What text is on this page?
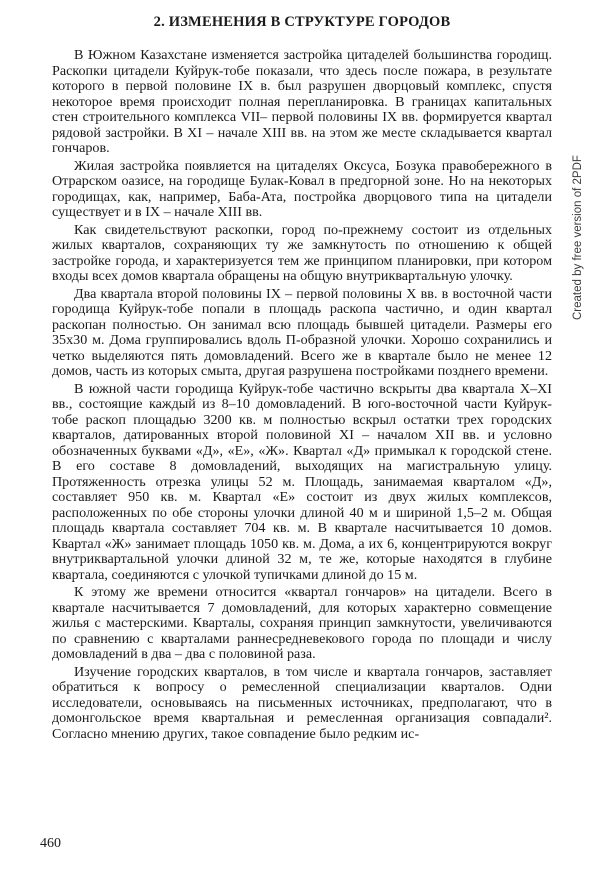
2. ИЗМЕНЕНИЯ В СТРУКТУРЕ ГОРОДОВ

В Южном Казахстане изменяется застройка цитаделей большинства городищ. Раскопки цитадели Куйрук-тобе показали, что здесь после пожара, в результате которого в первой половине IX в. был разрушен дворцовый комплекс, спустя некоторое время происходит полная перепланировка. В границах капитальных стен строительного комплекса VII– первой половины IX вв. формируется квартал рядовой застройки. В XI – начале XIII вв. на этом же месте складывается квартал гончаров.

Жилая застройка появляется на цитаделях Оксуса, Бозука правобережного в Отрарском оазисе, на городище Булак-Ковал в предгорной зоне. Но на некоторых городищах, как, например, Баба-Ата, постройка дворцового типа на цитадели существует и в IX – начале XIII вв.

Как свидетельствуют раскопки, город по-прежнему состоит из отдельных жилых кварталов, сохраняющих ту же замкнутость по отношению к общей застройке города, и характеризуется тем же принципом планировки, при котором входы всех домов квартала обращены на общую внутриквартальную улочку.

Два квартала второй половины IX – первой половины X вв. в восточной части городища Куйрук-тобе попали в площадь раскопа частично, и один квартал раскопан полностью. Он занимал всю площадь бывшей цитадели. Размеры его 35х30 м. Дома группировались вдоль П-образной улочки. Хорошо сохранились и четко выделяются пять домовладений. Всего же в квартале было не менее 12 домов, часть из которых смыта, другая разрушена постройками позднего времени.

В южной части городища Куйрук-тобе частично вскрыты два квартала X–XI вв., состоящие каждый из 8–10 домовладений. В юго-восточной части Куйрук-тобе раскоп площадью 3200 кв. м полностью вскрыл остатки трех городских кварталов, датированных второй половиной XI – началом XII вв. и условно обозначенных буквами «Д», «Е», «Ж». Квартал «Д» примыкал к городской стене. В его составе 8 домовладений, выходящих на магистральную улицу. Протяженность отрезка улицы 52 м. Площадь, занимаемая кварталом «Д», составляет 950 кв. м. Квартал «Е» состоит из двух жилых комплексов, расположенных по обе стороны улочки длиной 40 м и шириной 1,5–2 м. Общая площадь квартала составляет 704 кв. м. В квартале насчитывается 10 домов. Квартал «Ж» занимает площадь 1050 кв. м. Дома, а их 6, концентрируются вокруг внутриквартальной улочки длиной 32 м, те же, которые находятся в глубине квартала, соединяются с улочкой тупичками длиной до 15 м.

К этому же времени относится «квартал гончаров» на цитадели. Всего в квартале насчитывается 7 домовладений, для которых характерно совмещение жилья с мастерскими. Кварталы, сохраняя принцип замкнутости, увеличиваются по сравнению с кварталами раннесредневекового города по площади и числу домовладений в два – два с половиной раза.

Изучение городских кварталов, в том числе и квартала гончаров, заставляет обратиться к вопросу о ремесленной специализации кварталов. Одни исследователи, основываясь на письменных источниках, предполагают, что в домонгольское время квартальная и ремесленная организация совпадали². Согласно мнению других, такое совпадение было редким ис-

Created by free version of 2PDF
460
